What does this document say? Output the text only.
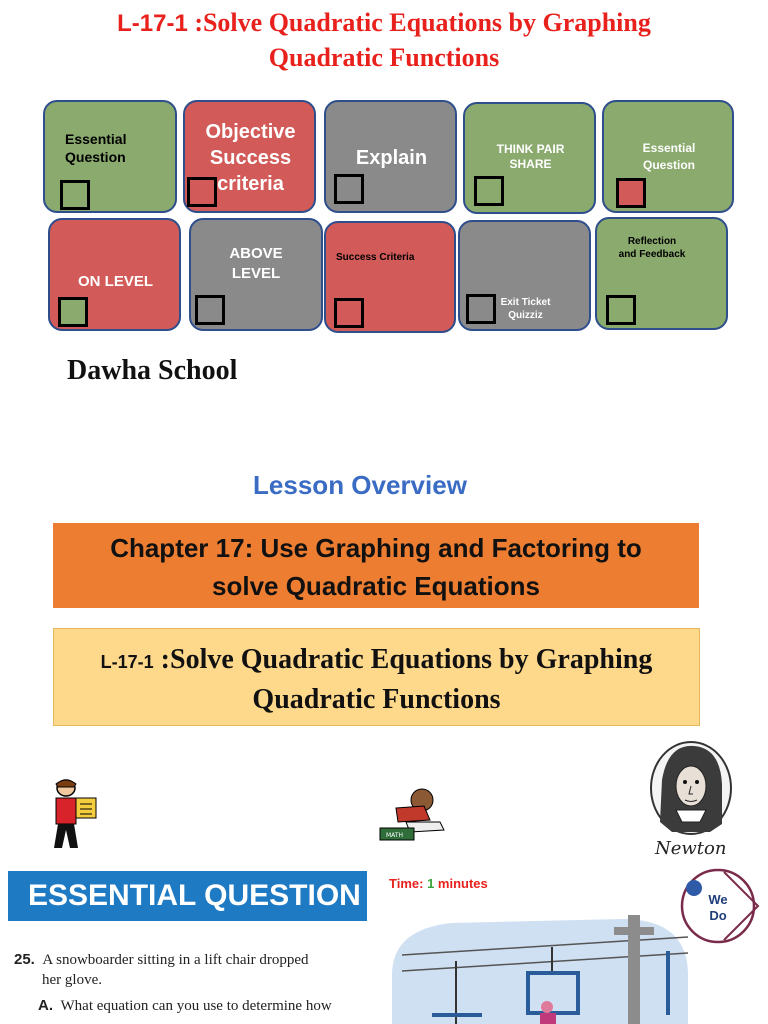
L-17-1 :Solve Quadratic Equations by Graphing
Quadratic Functions
Essential
Question
Objective
Success
criteria
Explain	THINK PAIR
SHARE
Essential
Question
ON LEVEL
ABOVE
LEVEL
Success Criteria
Exit Ticket
Quizziz
Reflection
and Feedback
Dawha School
Lesson Overview
Chapter 17: Use Graphing and Factoring to
solve Quadratic Equations
L-17-1 :Solve Quadratic Equations by Graphing
Quadratic Functions
MATH
Newton
ESSENTIAL QUESTION	Time: 1 minutes
We
Do
25. A snowboarder sitting in a lift chair dropped
her glove.
A. What equation can you use to determine how
